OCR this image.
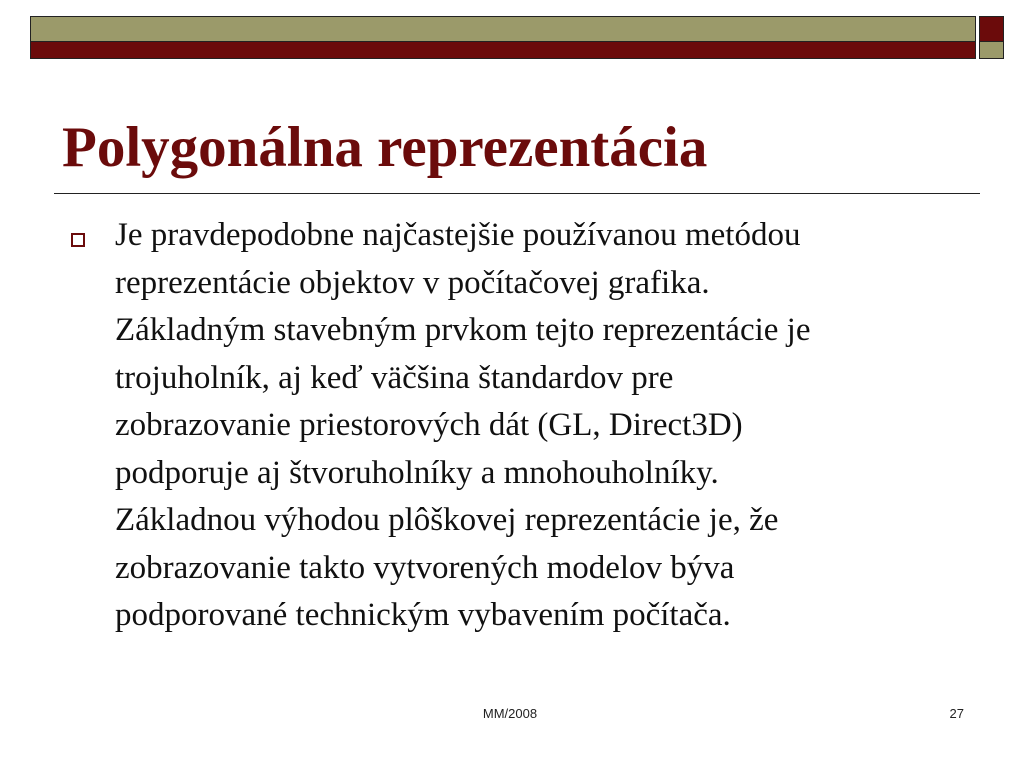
Polygonálna reprezentácia
Je pravdepodobne najčastejšie používanou metódou
reprezentácie objektov v počítačovej grafika.
Základným stavebným prvkom tejto reprezentácie je
trojuholník, aj keď väčšina štandardov pre
zobrazovanie priestorových dát (GL, Direct3D)
podporuje aj štvoruholníky a mnohouholníky.
Základnou výhodou plôškovej reprezentácie je, že
zobrazovanie takto vytvorených modelov býva
podporované technickým vybavením počítača.
MM/2008	27
